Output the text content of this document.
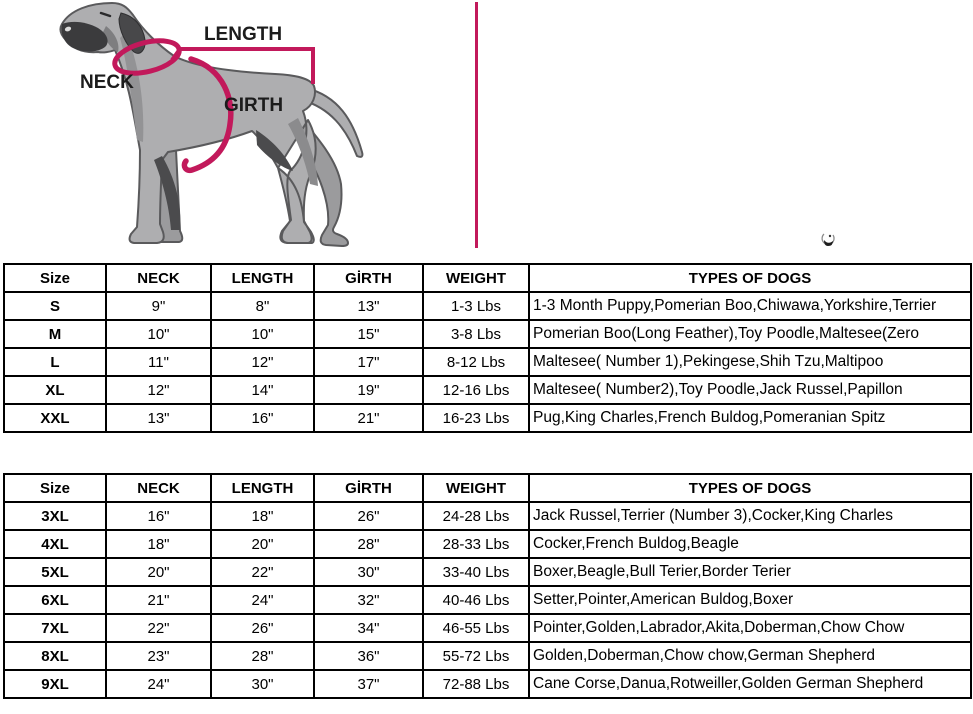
NECK
LENGTH
GIRTH
Size	NECK	LENGTH	GİRTH	WEIGHT	TYPES OF DOGS
S	9"	8"	13"	1-3 Lbs	1-3 Month Puppy,Pomerian Boo,Chiwawa,Yorkshire,Terrier
M	10"	10"	15"	3-8 Lbs	Pomerian Boo(Long Feather),Toy Poodle,Maltesee(Zero
L	11"	12"	17"	8-12 Lbs	Maltesee( Number 1),Pekingese,Shih Tzu,Maltipoo
XL	12"	14"	19"	12-16 Lbs	Maltesee( Number2),Toy Poodle,Jack Russel,Papillon
XXL	13"	16"	21"	16-23 Lbs	Pug,King Charles,French Buldog,Pomeranian Spitz
Size	NECK	LENGTH	GİRTH	WEIGHT	TYPES OF DOGS
3XL	16"	18"	26"	24-28 Lbs	Jack Russel,Terrier (Number 3),Cocker,King Charles
4XL	18"	20"	28"	28-33 Lbs	Cocker,French Buldog,Beagle
5XL	20"	22"	30"	33-40 Lbs	Boxer,Beagle,Bull Terier,Border Terier
6XL	21"	24"	32"	40-46 Lbs	Setter,Pointer,American Buldog,Boxer
7XL	22"	26"	34"	46-55 Lbs	Pointer,Golden,Labrador,Akita,Doberman,Chow Chow
8XL	23"	28"	36"	55-72 Lbs	Golden,Doberman,Chow chow,German Shepherd
9XL	24"	30"	37"	72-88 Lbs	Cane Corse,Danua,Rotweiller,Golden German Shepherd
